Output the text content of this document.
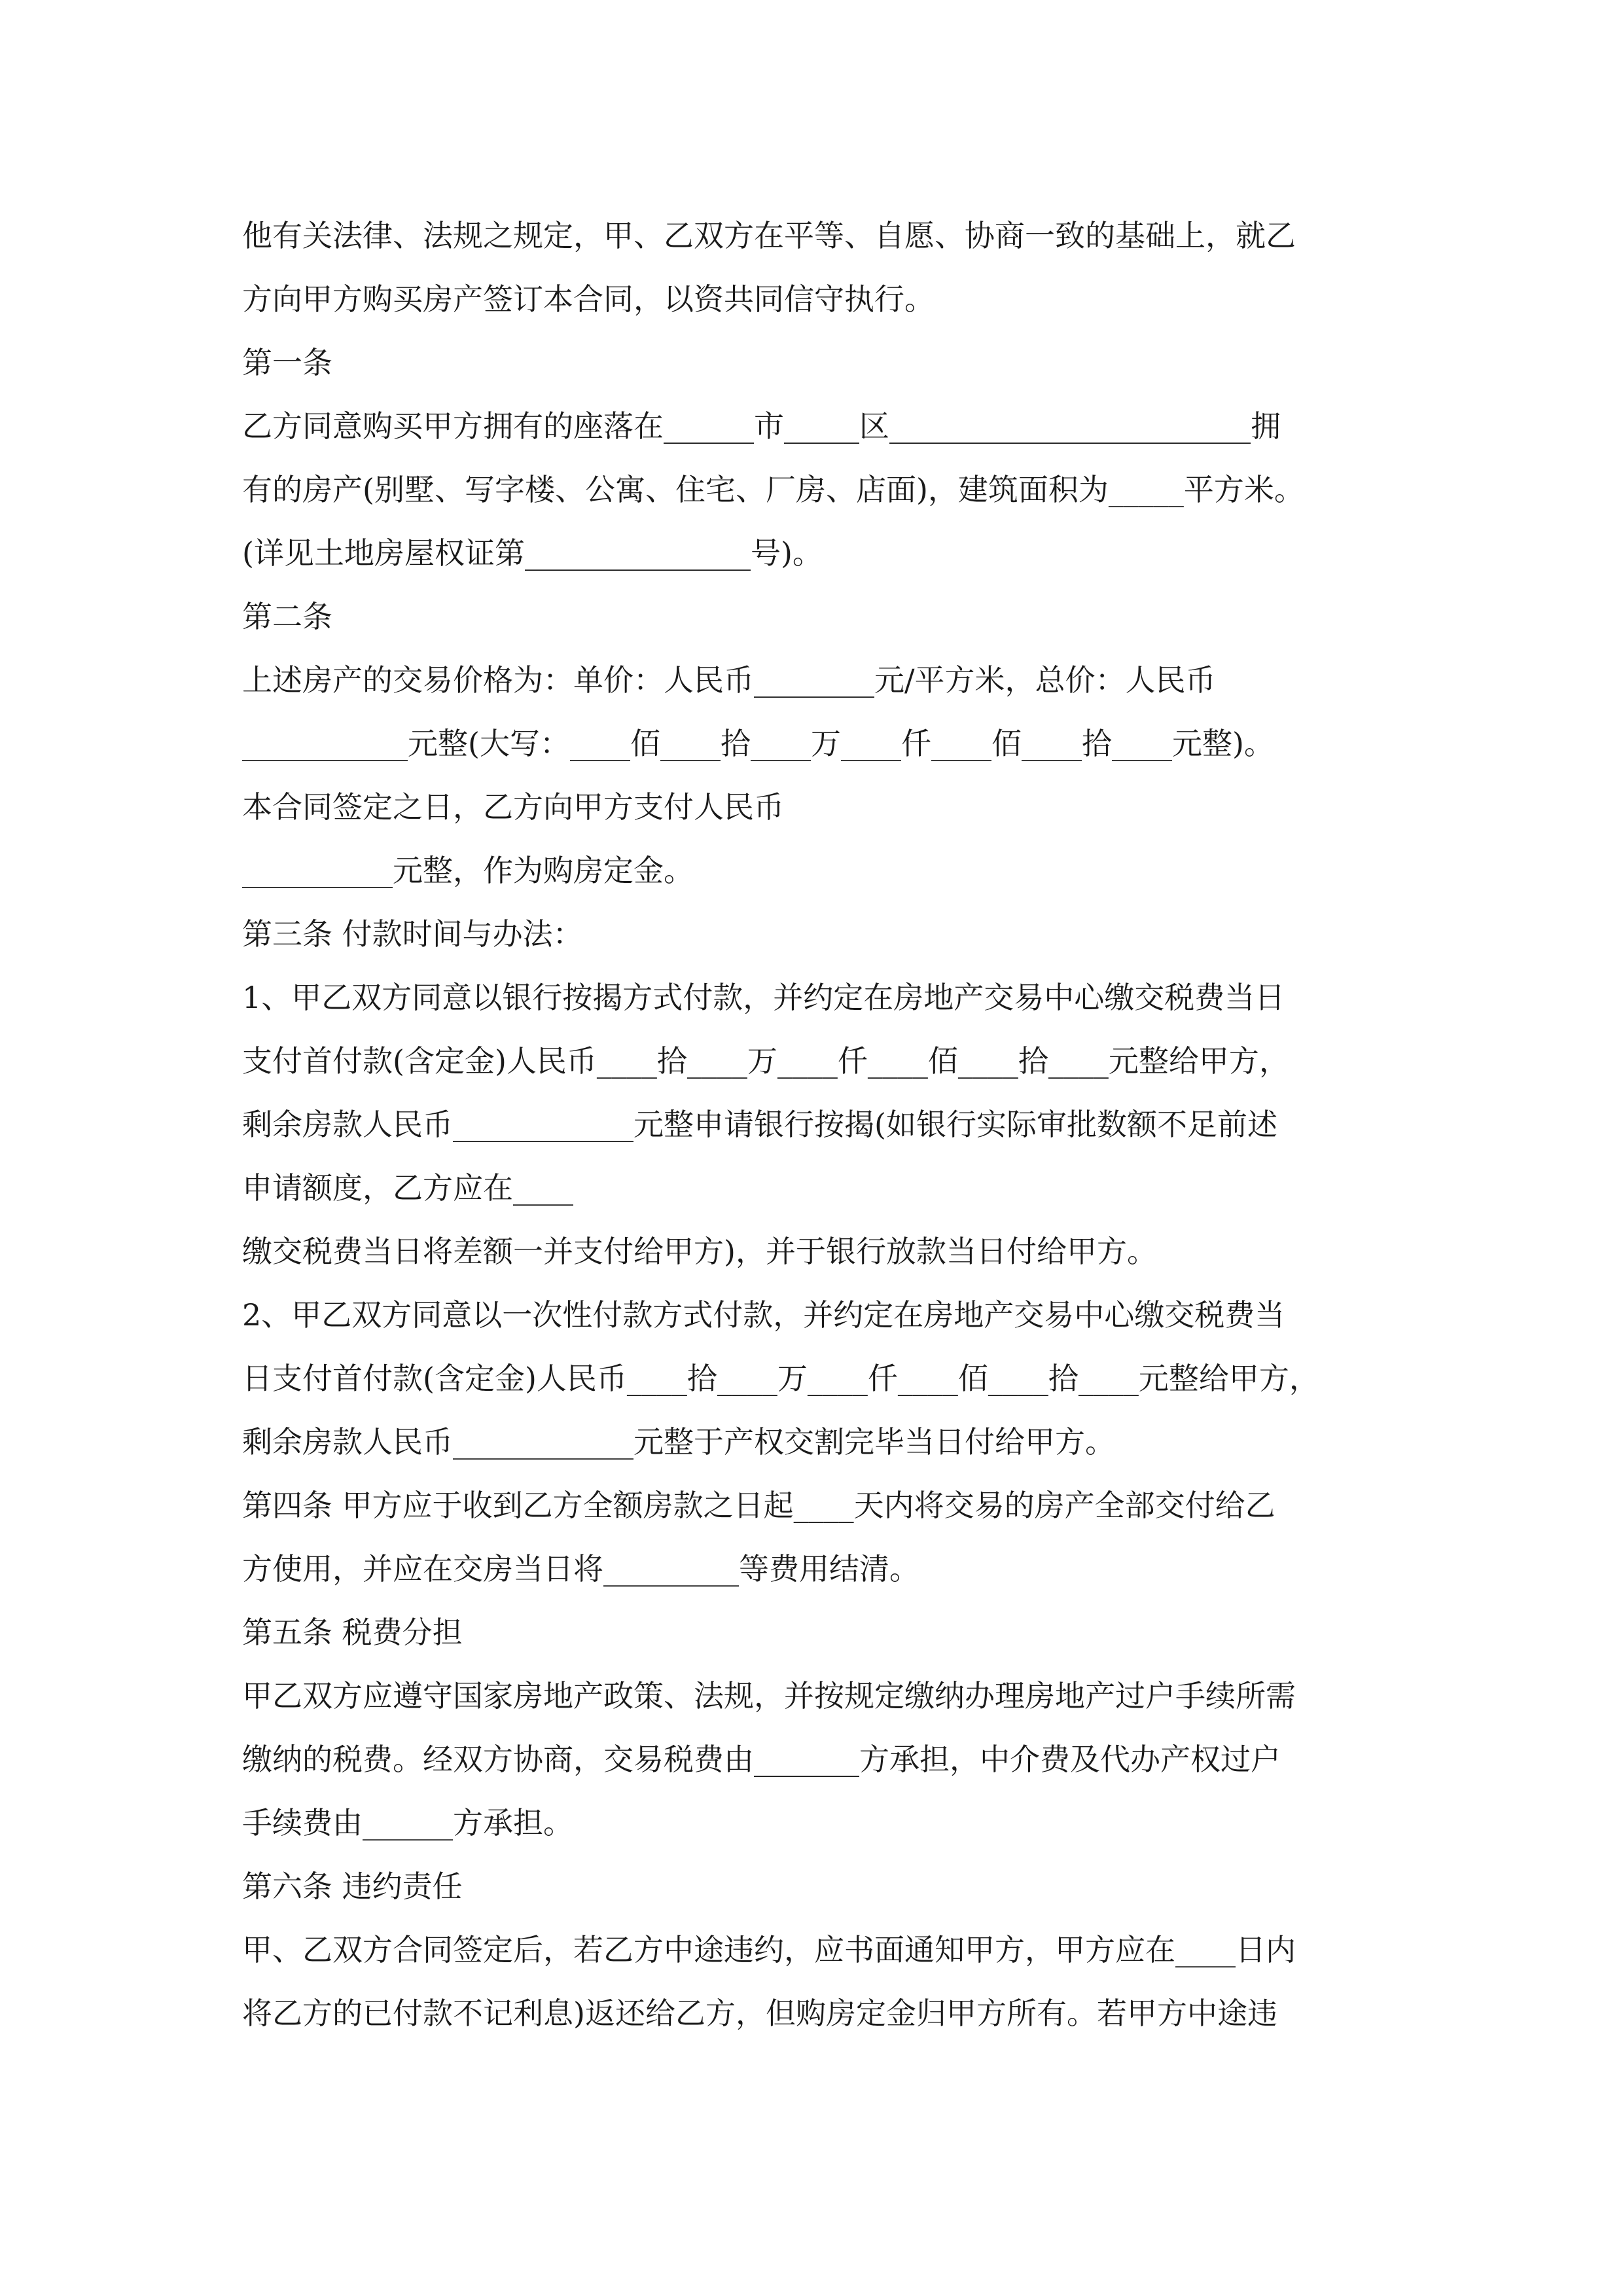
他有关法律、法规之规定，甲、乙双方在平等、自愿、协商一致的基础上，就乙
方向甲方购买房产签订本合同，以资共同信守执行。
第一条
乙方同意购买甲方拥有的座落在______市_____区________________________拥
有的房产(别墅、写字楼、公寓、住宅、厂房、店面)，建筑面积为_____平方米。
(详见土地房屋权证第_______________号)。
第二条
上述房产的交易价格为：单价：人民币________元/平方米，总价：人民币
___________元整(大写：____佰____拾____万____仟____佰____拾____元整)。
本合同签定之日，乙方向甲方支付人民币
__________元整，作为购房定金。
第三条 付款时间与办法：
1、甲乙双方同意以银行按揭方式付款，并约定在房地产交易中心缴交税费当日
支付首付款(含定金)人民币____拾____万____仟____佰____拾____元整给甲方，
剩余房款人民币____________元整申请银行按揭(如银行实际审批数额不足前述
申请额度，乙方应在____
缴交税费当日将差额一并支付给甲方)，并于银行放款当日付给甲方。
2、甲乙双方同意以一次性付款方式付款，并约定在房地产交易中心缴交税费当
日支付首付款(含定金)人民币____拾____万____仟____佰____拾____元整给甲方，
剩余房款人民币____________元整于产权交割完毕当日付给甲方。
第四条 甲方应于收到乙方全额房款之日起____天内将交易的房产全部交付给乙
方使用，并应在交房当日将_________等费用结清。
第五条 税费分担
甲乙双方应遵守国家房地产政策、法规，并按规定缴纳办理房地产过户手续所需
缴纳的税费。经双方协商，交易税费由_______方承担，中介费及代办产权过户
手续费由______方承担。
第六条 违约责任
甲、乙双方合同签定后，若乙方中途违约，应书面通知甲方，甲方应在____日内
将乙方的已付款不记利息)返还给乙方，但购房定金归甲方所有。若甲方中途违
